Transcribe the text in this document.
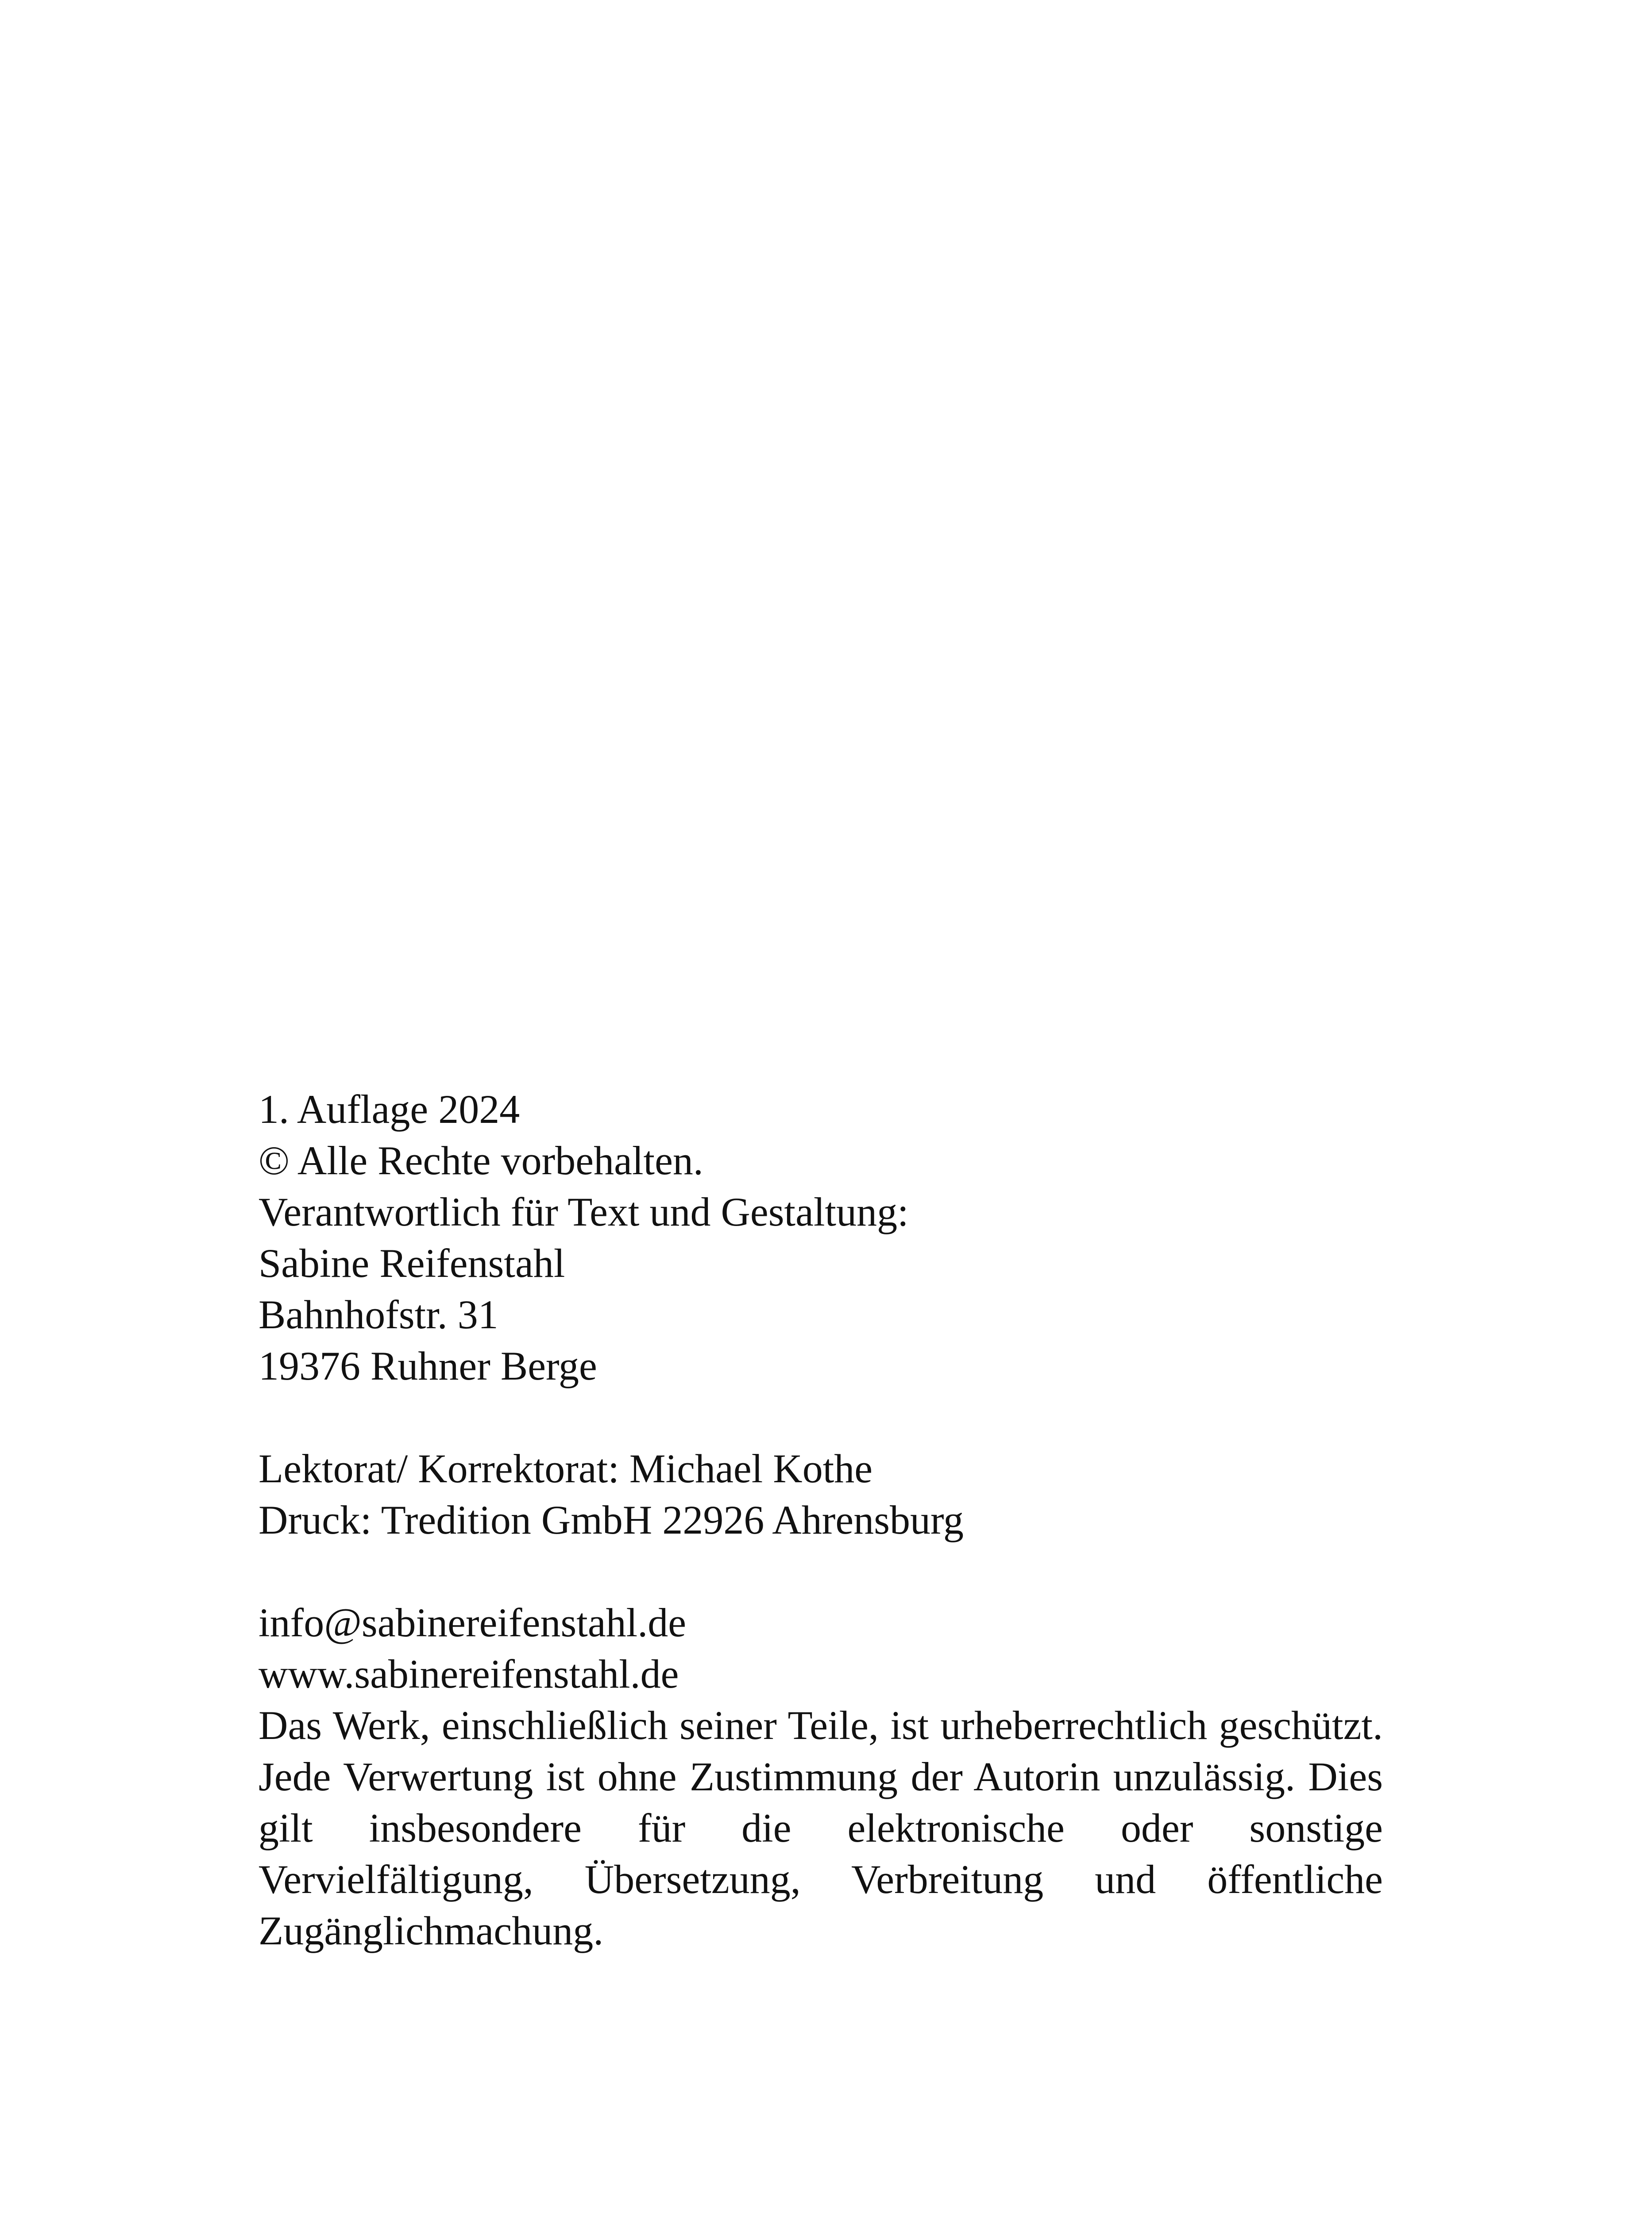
1. Auflage 2024
© Alle Rechte vorbehalten.
Verantwortlich für Text und Gestaltung:
Sabine Reifenstahl
Bahnhofstr. 31
19376 Ruhner Berge
Lektorat/ Korrektorat: Michael Kothe
Druck: Tredition GmbH 22926 Ahrensburg
info@sabinereifenstahl.de
www.sabinereifenstahl.de

Das Werk, einschließlich seiner Teile, ist urheberrechtlich geschützt. Jede Verwertung ist ohne Zustimmung der Autorin unzulässig. Dies gilt insbesondere für die elektronische oder sonstige Vervielfältigung, Übersetzung, Verbreitung und öffentliche Zugänglichmachung.
